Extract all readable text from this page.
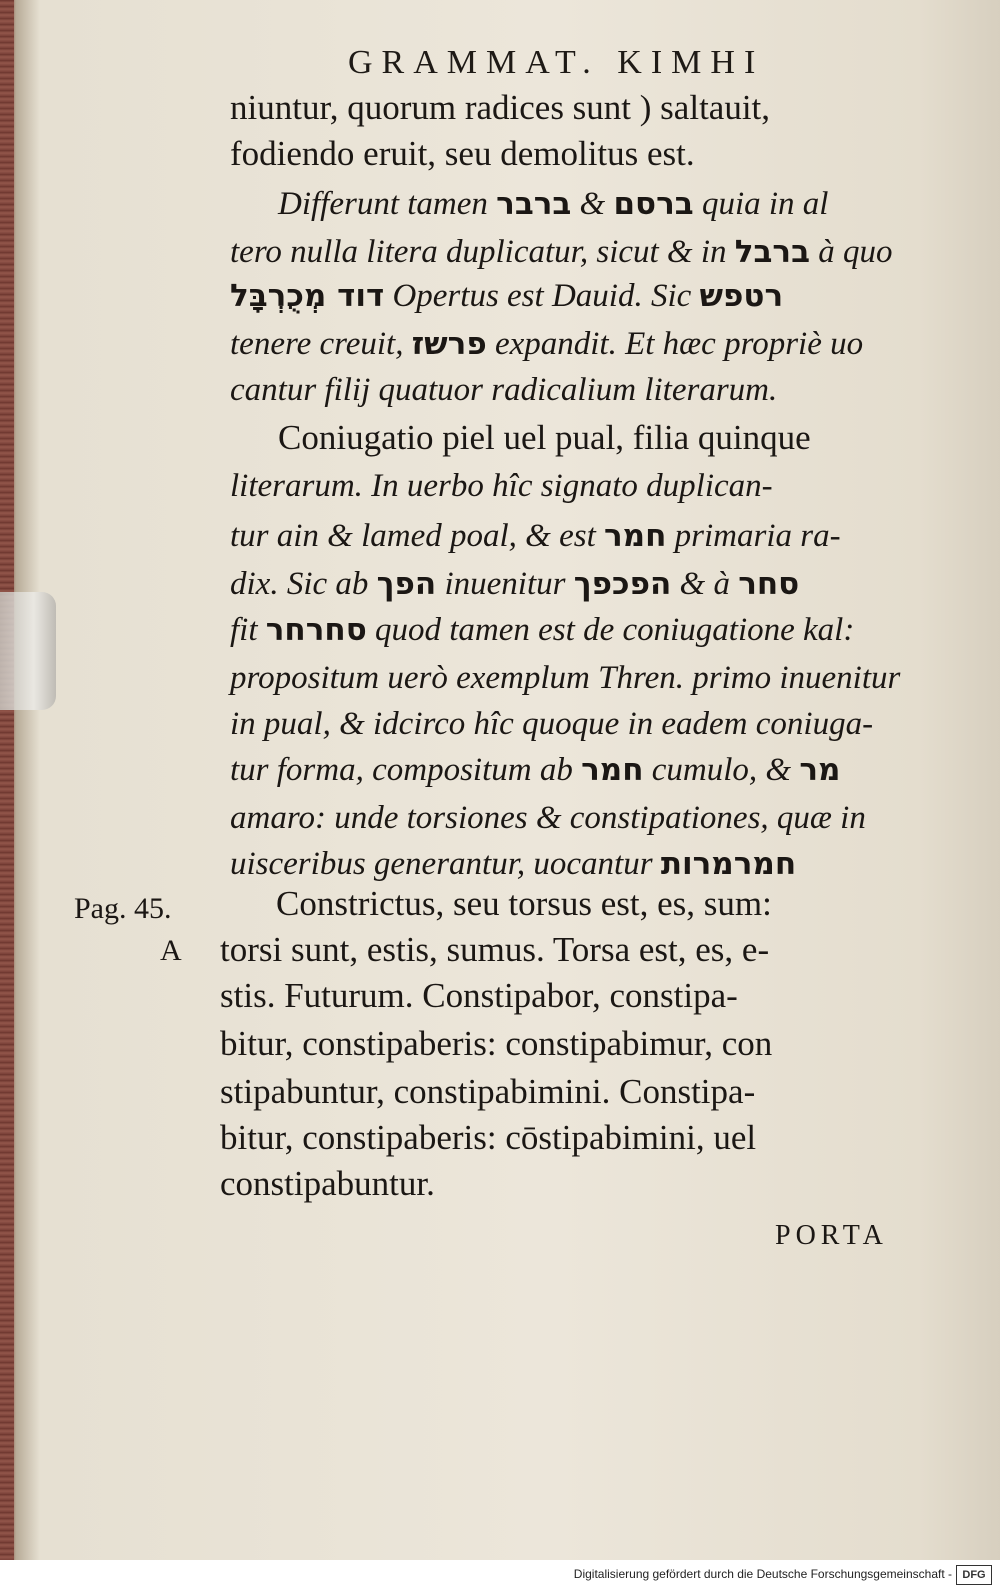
GRAMMAT. KIMHI
niuntur, quorum radices sunt ) saltauit,
fodiendo eruit, seu demolitus est.
Differunt tamen ברבר & ברסם quia in al
tero nulla litera duplicatur, sicut & in ברבל à quo
דוד מְכֻרְבָּל Opertus est Dauid. Sic רטפש
tenere creuit, פרשז expandit. Et hæc propriè uo
cantur filij quatuor radicalium literarum.
Coniugatio piel uel pual, filia quinque
literarum. In uerbo hîc signato duplican-
tur ain & lamed poal, & est חמר primaria ra-
dix. Sic ab הפך inuenitur הפכפך & à סחר
fit סחרחר quod tamen est de coniugatione kal:
propositum uerò exemplum Thren. primo inuenitur
in pual, & idcirco hîc quoque in eadem coniuga-
tur forma, compositum ab חמר cumulo, & מר
amaro: unde torsiones & constipationes, quæ in
uisceribus generantur, uocantur חמרמרות
Constrictus, seu torsus est, es, sum:
torsi sunt, estis, sumus. Torsa est, es, e-
stis. Futurum. Constipabor, constipa-
bitur, constipaberis: constipabimur, con
stipabuntur, constipabimini. Constipa-
bitur, constipaberis: cōstipabimini, uel
constipabuntur.
Pag. 45.
A
PORTA
Digitalisierung gefördert durch die Deutsche Forschungsgemeinschaft - DFG
